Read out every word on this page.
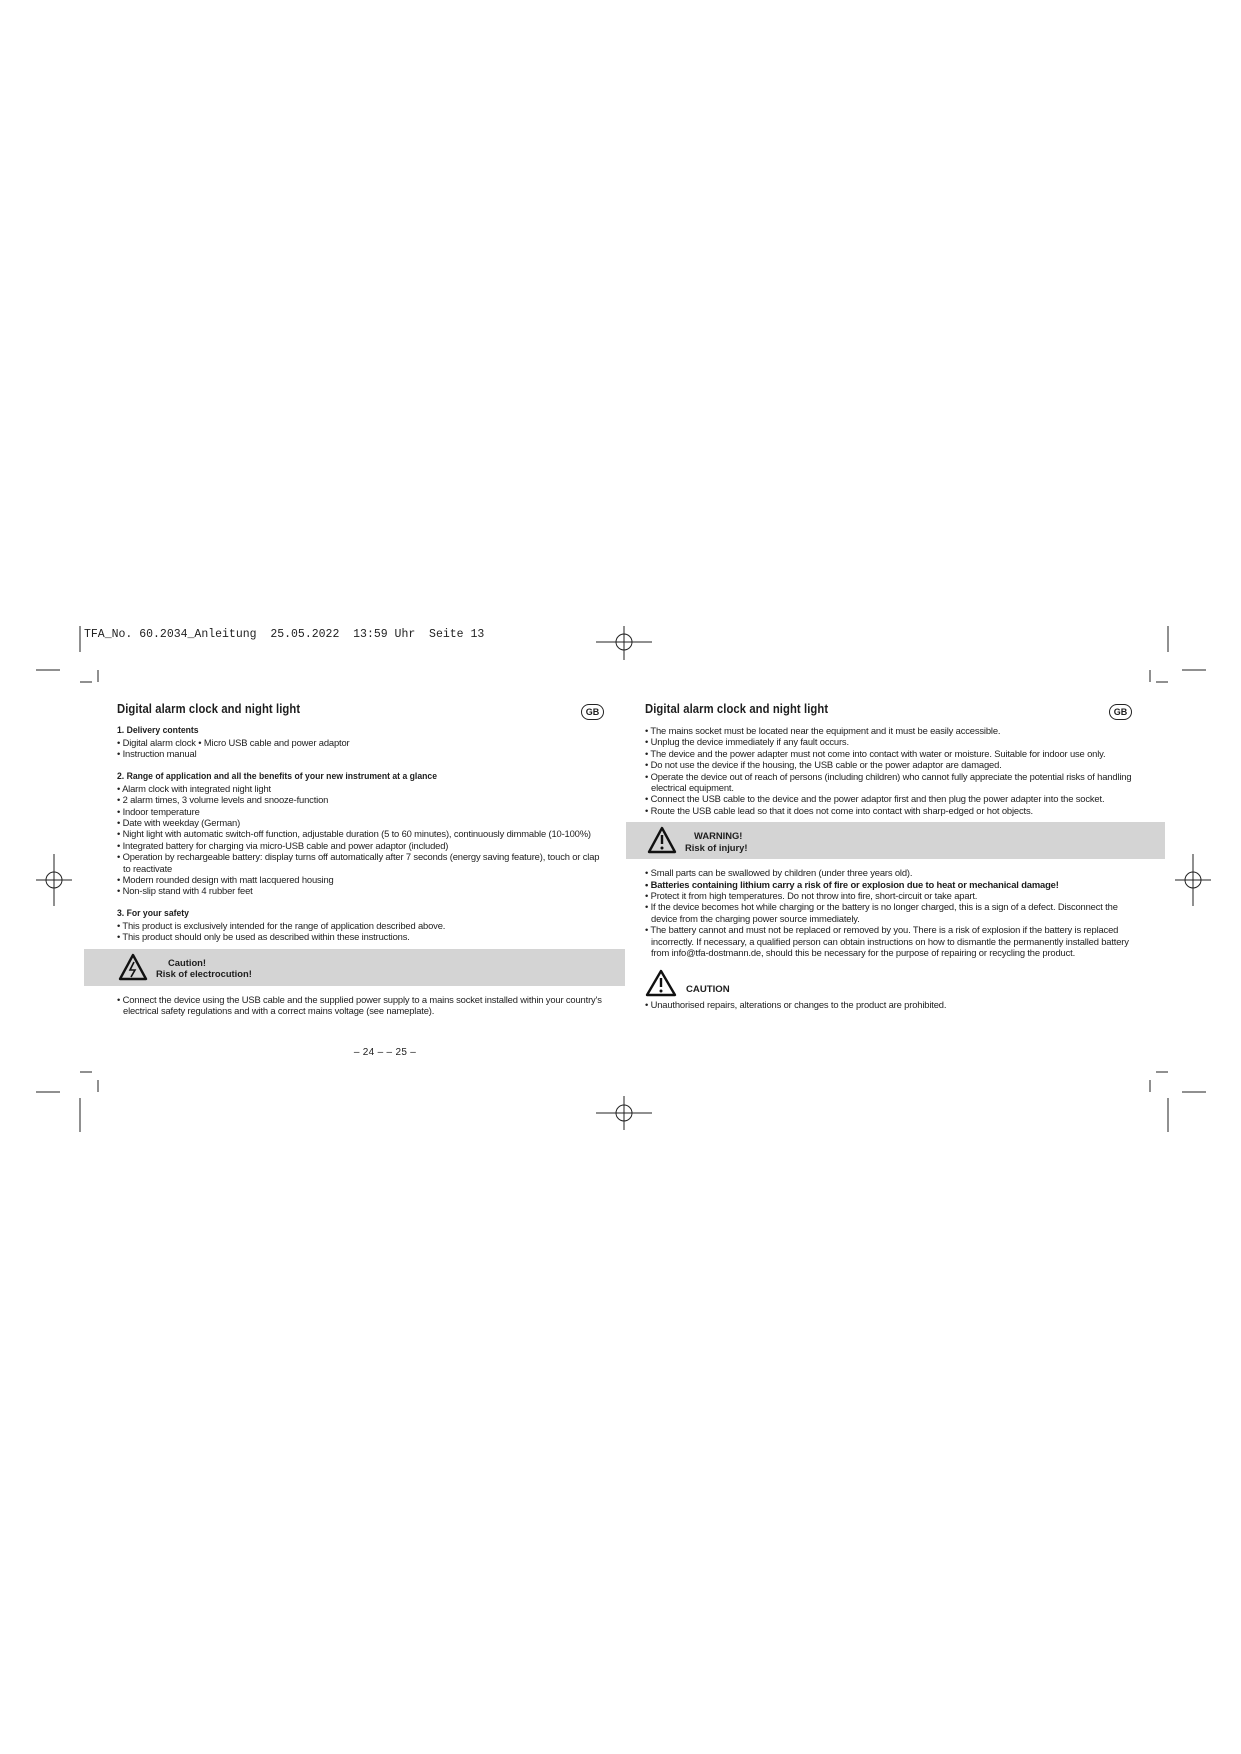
TFA_No. 60.2034_Anleitung  25.05.2022  13:59 Uhr  Seite 13
Digital alarm clock and night light	GB
1. Delivery contents
• Digital alarm clock • Micro USB cable and power adaptor
• Instruction manual
2. Range of application and all the benefits of your new instrument at a glance
• Alarm clock with integrated night light
• 2 alarm times, 3 volume levels and snooze-function
• Indoor temperature
• Date with weekday (German)
• Night light with automatic switch-off function, adjustable duration (5 to 60 minutes), continuously dimmable (10-100%)
• Integrated battery for charging via micro-USB cable and power adaptor (included)
• Operation by rechargeable battery: display turns off automatically after 7 seconds (energy saving feature), touch or clap to reactivate
• Modern rounded design with matt lacquered housing
• Non-slip stand with 4 rubber feet
3. For your safety
• This product is exclusively intended for the range of application described above.
• This product should only be used as described within these instructions.
Caution!
Risk of electrocution!
• Connect the device using the USB cable and the supplied power supply to a mains socket installed within your country's electrical safety regulations and with a correct mains voltage (see nameplate).
– 24 – – 25 –
Digital alarm clock and night light	GB
• The mains socket must be located near the equipment and it must be easily accessible.
• Unplug the device immediately if any fault occurs.
• The device and the power adapter must not come into contact with water or moisture. Suitable for indoor use only.
• Do not use the device if the housing, the USB cable or the power adaptor are damaged.
• Operate the device out of reach of persons (including children) who cannot fully appreciate the potential risks of handling electrical equipment.
• Connect the USB cable to the device and the power adaptor first and then plug the power adapter into the socket.
• Route the USB cable lead so that it does not come into contact with sharp-edged or hot objects.
WARNING!
Risk of injury!
• Small parts can be swallowed by children (under three years old).
• Batteries containing lithium carry a risk of fire or explosion due to heat or mechanical damage!
• Protect it from high temperatures. Do not throw into fire, short-circuit or take apart.
• If the device becomes hot while charging or the battery is no longer charged, this is a sign of a defect. Disconnect the device from the charging power source immediately.
• The battery cannot and must not be replaced or removed by you. There is a risk of explosion if the battery is replaced incorrectly. If necessary, a qualified person can obtain instructions on how to dismantle the permanently installed battery from info@tfa-dostmann.de, should this be necessary for the purpose of repairing or recycling the product.
CAUTION
• Unauthorised repairs, alterations or changes to the product are prohibited.
